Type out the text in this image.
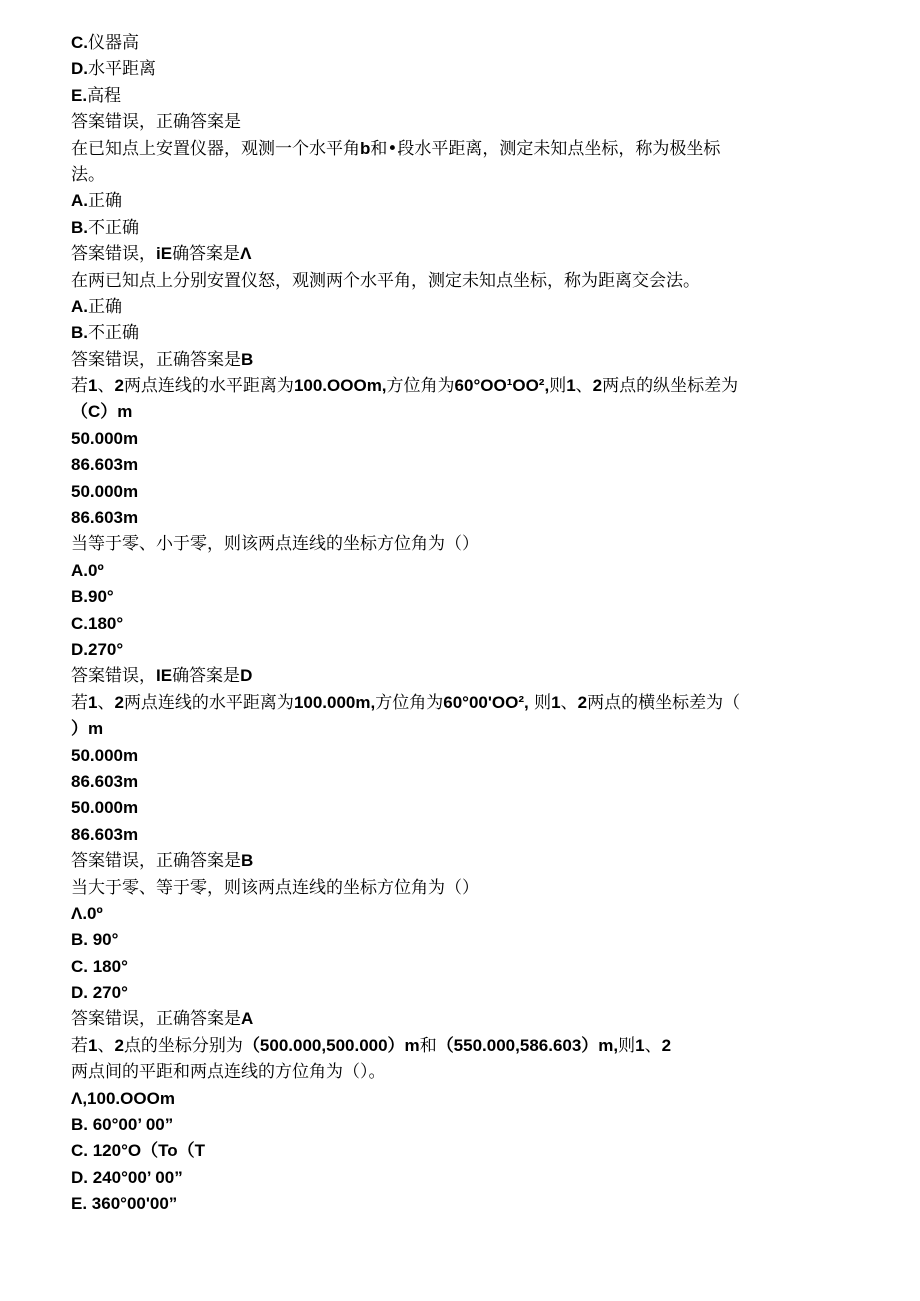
C.仪器高
D.水平距离
E.高程
答案错误，正确答案是
在已知点上安置仪器，观测一个水平角b和•段水平距离，测定未知点坐标，称为极坐标
法。
A.正确
B.不正确
答案错误，iE确答案是Λ
在两已知点上分别安置仪怒，观测两个水平角，测定未知点坐标，称为距离交会法。
A.正确
B.不正确
答案错误，正确答案是B
若1、2两点连线的水平距离为100.OOOm,方位角为60°OO¹OO²,则1、2两点的纵坐标差为
（C）m
50.000m
86.603m
50.000m
86.603m
当等于零、小于零，则该两点连线的坐标方位角为（）
A.0º
B.90°
C.180°
D.270°
答案错误，IE确答案是D
若1、2两点连线的水平距离为100.000m,方位角为60°00'OO², 则1、2两点的横坐标差为（
）m
50.000m
86.603m
50.000m
86.603m
答案错误，正确答案是B
当大于零、等于零，则该两点连线的坐标方位角为（）
Λ.0º
B. 90°
C. 180°
D. 270°
答案错误，正确答案是A
若1、2点的坐标分别为（500.000,500.000）m和（550.000,586.603）m,则1、2
两点间的平距和两点连线的方位角为（）。
Λ,100.OOOm
B. 60°00’ 00”
C. 120°O（To（T
D. 240°00’ 00”
E. 360°00'00”
